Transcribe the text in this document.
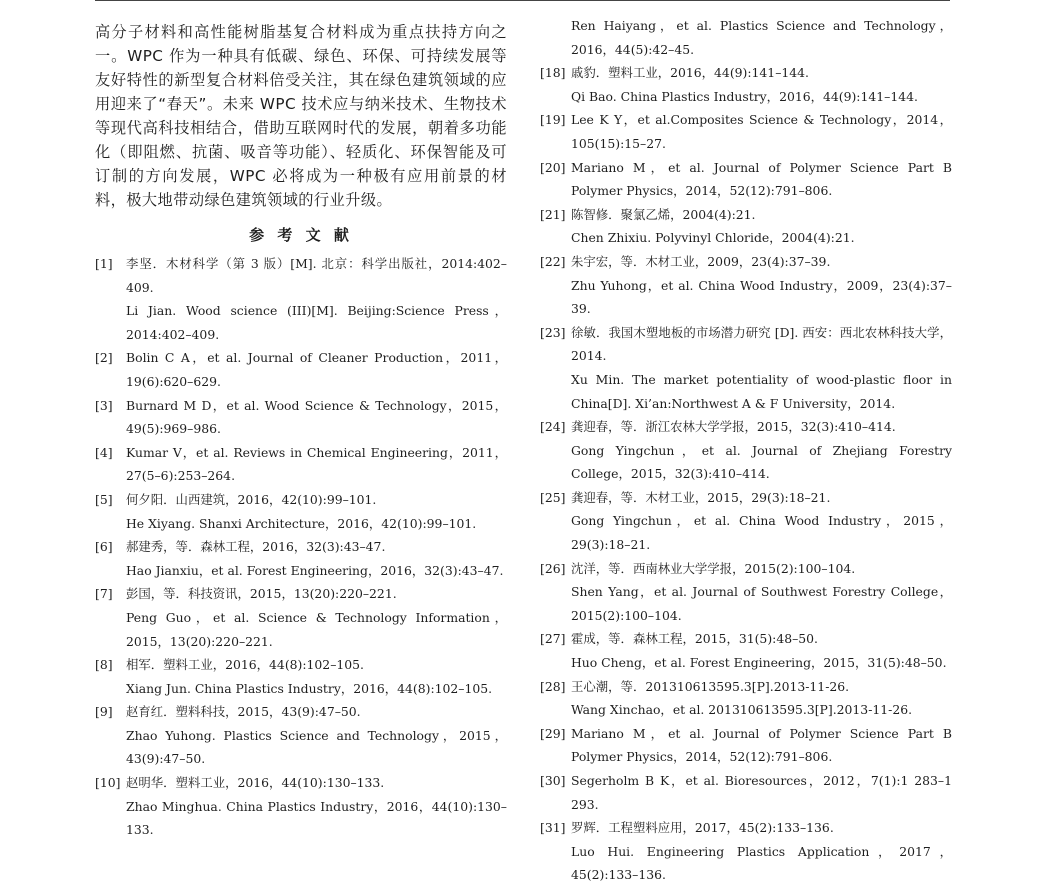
高分子材料和高性能树脂基复合材料成为重点扶持方向之一。WPC 作为一种具有低碳、绿色、环保、可持续发展等友好特性的新型复合材料倍受关注，其在绿色建筑领域的应用迎来了“春天”。未来 WPC 技术应与纳米技术、生物技术等现代高科技相结合，借助互联网时代的发展，朝着多功能化（即阻燃、抗菌、吸音等功能）、轻质化、环保智能及可订制的方向发展，WPC 必将成为一种极有应用前景的材料，极大地带动绿色建筑领域的行业升级。

参 考 文 献
[1] 李坚．木材科学（第 3 版）[M]. 北京：科学出版社，2014:402–409.
Li Jian. Wood science (III)[M]. Beijing:Science Press，2014:402–409.
[2] Bolin C A，et al. Journal of Cleaner Production，2011，19(6):620–629.
[3] Burnard M D，et al. Wood Science & Technology，2015，49(5):969–986.
[4] Kumar V，et al. Reviews in Chemical Engineering，2011，27(5–6):253–264.
[5] 何夕阳．山西建筑，2016，42(10):99–101.
He Xiyang. Shanxi Architecture，2016，42(10):99–101.
[6] 郝建秀，等．森林工程，2016，32(3):43–47.
Hao Jianxiu，et al. Forest Engineering，2016，32(3):43–47.
[7] 彭国，等．科技资讯，2015，13(20):220–221.
Peng Guo，et al. Science & Technology Information，2015，13(20):220–221.
[8] 相军．塑料工业，2016，44(8):102–105.
Xiang Jun. China Plastics Industry，2016，44(8):102–105.
[9] 赵育红．塑料科技，2015，43(9):47–50.
Zhao Yuhong. Plastics Science and Technology，2015，43(9):47–50.
[10] 赵明华．塑料工业，2016，44(10):130–133.
Zhao Minghua. China Plastics Industry，2016，44(10):130–133.
Ren Haiyang，et al. Plastics Science and Technology，2016，44(5):42–45.
[18] 戚豹．塑料工业，2016，44(9):141–144.
Qi Bao. China Plastics Industry，2016，44(9):141–144.
[19] Lee K Y，et al.Composites Science & Technology，2014，105(15):15–27.
[20] Mariano M，et al. Journal of Polymer Science Part B Polymer Physics，2014，52(12):791–806.
[21] 陈智修．聚氯乙烯，2004(4):21.
Chen Zhixiu. Polyvinyl Chloride，2004(4):21.
[22] 朱宇宏，等．木材工业，2009，23(4):37–39.
Zhu Yuhong，et al. China Wood Industry，2009，23(4):37–39.
[23] 徐敏．我国木塑地板的市场潜力研究 [D]. 西安：西北农林科技大学，2014.
Xu Min. The market potentiality of wood-plastic floor in China[D]. Xi’an:Northwest A & F University，2014.
[24] 龚迎春，等．浙江农林大学学报，2015，32(3):410–414.
Gong Yingchun，et al. Journal of Zhejiang Forestry College，2015，32(3):410–414.
[25] 龚迎春，等．木材工业，2015，29(3):18–21.
Gong Yingchun，et al. China Wood Industry，2015，29(3):18–21.
[26] 沈洋，等．西南林业大学学报，2015(2):100–104.
Shen Yang，et al. Journal of Southwest Forestry College，2015(2):100–104.
[27] 霍成，等．森林工程，2015，31(5):48–50.
Huo Cheng，et al. Forest Engineering，2015，31(5):48–50.
[28] 王心潮，等．201310613595.3[P].2013-11-26.
Wang Xinchao，et al. 201310613595.3[P].2013-11-26.
[29] Mariano M，et al. Journal of Polymer Science Part B Polymer Physics，2014，52(12):791–806.
[30] Segerholm B K，et al. Bioresources，2012，7(1):1 283–1 293.
[31] 罗辉．工程塑料应用，2017，45(2):133–136.
Luo Hui. Engineering Plastics Application，2017，45(2):133–136.
